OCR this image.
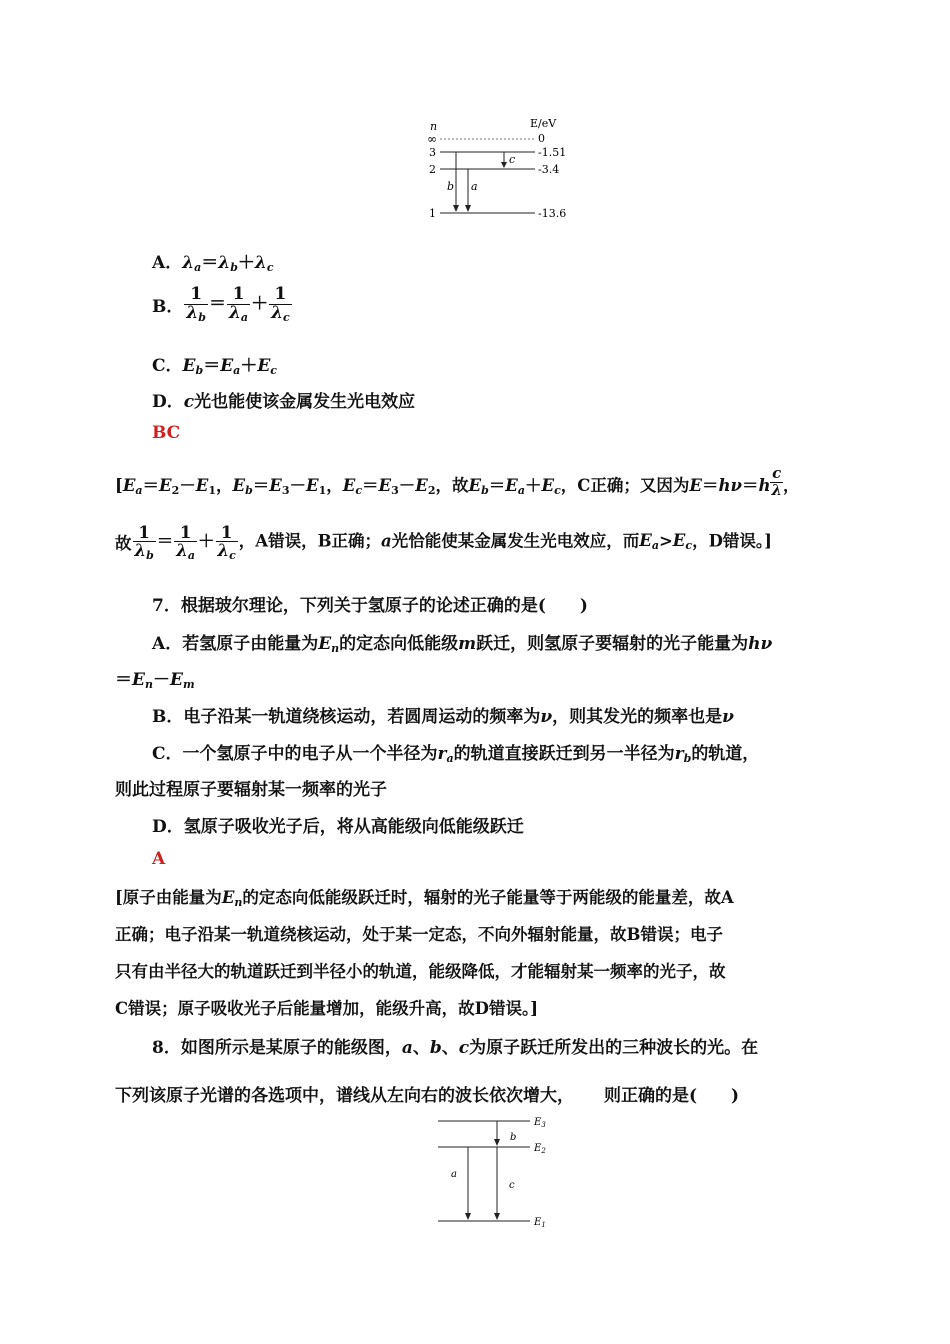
n	E/eV
∞	0
3	-1.51
2	-3.4
1	-13.6
b a
c
A．$\lambda_a=\lambda_b+\lambda_c$
B． $\frac{1}{\lambda_b} = \frac{1}{\lambda_a} + \frac{1}{\lambda_c}$
C．$E_b=E_a+E_c$
D．c光也能使该金属发生光电效应
BC
[$E_a=E_2-E_1$，$E_b=E_3-E_1$，$E_c=E_3-E_2$，故$E_b=E_a+E_c$，C正确；又因为$E=h\nu=h \frac{c}{\lambda}$ ，
故 $\frac{1}{\lambda_b} = \frac{1}{\lambda_a} + \frac{1}{\lambda_c}$ ，A错误，B正确；a光恰能使某金属发生光电效应，而$E_a>E_c$，D错误。]
7．根据玻尔理论，下列关于氢原子的论述正确的是(　　)
A．若氢原子由能量为$E_n$的定态向低能级m跃迁，则氢原子要辐射的光子能量为hν
$=E_n-E_m$
B．电子沿某一轨道绕核运动，若圆周运动的频率为ν，则其发光的频率也是ν
C．一个氢原子中的电子从一个半径为$r_a$的轨道直接跃迁到另一半径为$r_b$的轨道，
则此过程原子要辐射某一频率的光子
D．氢原子吸收光子后，将从高能级向低能级跃迁
A
[原子由能量为$E_n$的定态向低能级跃迁时，辐射的光子能量等于两能级的能量差，故A
正确；电子沿某一轨道绕核运动，处于某一定态，不向外辐射能量，故B错误；电子
只有由半径大的轨道跃迁到半径小的轨道，能级降低，才能辐射某一频率的光子，故
C错误；原子吸收光子后能量增加，能级升高，故D错误。]
8．如图所示是某原子的能级图，a、b、c为原子跃迁所发出的三种波长的光。在
下列该原子光谱的各选项中，谱线从左向右的波长依次增大， 则正确的是(　　)
$E_3$
$E_2$
$E_1$
a
b
c
